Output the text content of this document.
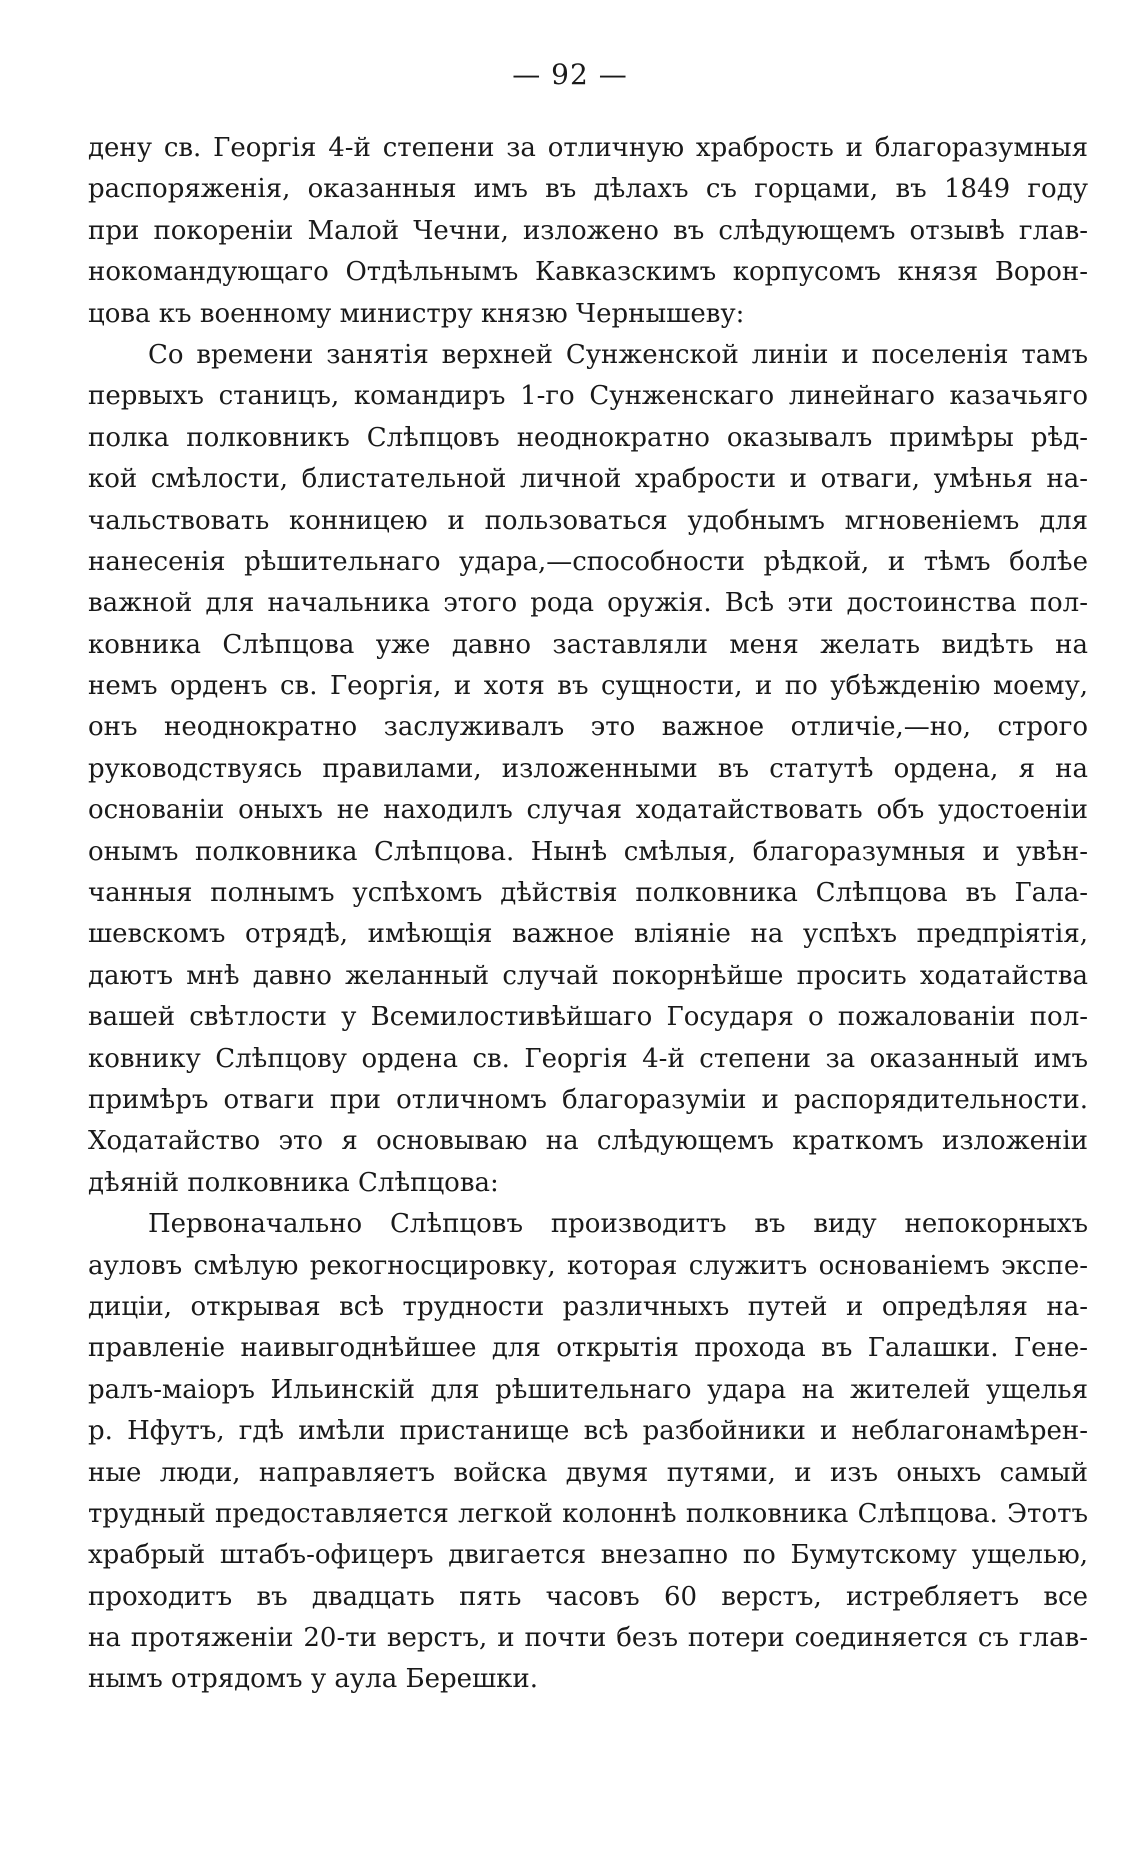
— 92 —
дену св. Георгія 4-й степени за отличную храбрость и благоразумныя
распоряженія, оказанныя имъ въ дѣлахъ съ горцами, въ 1849 году
при покореніи Малой Чечни, изложено въ слѣдующемъ отзывѣ глав-
нокомандующаго Отдѣльнымъ Кавказскимъ корпусомъ князя Ворон-
цова къ военному министру князю Чернышеву:
Со времени занятія верхней Сунженской линіи и поселенія тамъ
первыхъ станицъ, командиръ 1-го Сунженскаго линейнаго казачьяго
полка полковникъ Слѣпцовъ неоднократно оказывалъ примѣры рѣд-
кой смѣлости, блистательной личной храбрости и отваги, умѣнья на-
чальствовать конницею и пользоваться удобнымъ мгновеніемъ для
нанесенія рѣшительнаго удара,—способности рѣдкой, и тѣмъ болѣе
важной для начальника этого рода оружія. Всѣ эти достоинства пол-
ковника Слѣпцова уже давно заставляли меня желать видѣть на
немъ орденъ св. Георгія, и хотя въ сущности, и по убѣжденію моему,
онъ неоднократно заслуживалъ это важное отличіе,—но, строго
руководствуясь правилами, изложенными въ статутѣ ордена, я на
основаніи оныхъ не находилъ случая ходатайствовать объ удостоеніи
онымъ полковника Слѣпцова. Нынѣ смѣлыя, благоразумныя и увѣн-
чанныя полнымъ успѣхомъ дѣйствія полковника Слѣпцова въ Гала-
шевскомъ отрядѣ, имѣющія важное вліяніе на успѣхъ предпріятія,
даютъ мнѣ давно желанный случай покорнѣйше просить ходатайства
вашей свѣтлости у Всемилостивѣйшаго Государя о пожалованіи пол-
ковнику Слѣпцову ордена св. Георгія 4-й степени за оказанный имъ
примѣръ отваги при отличномъ благоразуміи и распорядительности.
Ходатайство это я основываю на слѣдующемъ краткомъ изложеніи
дѣяній полковника Слѣпцова:
Первоначально Слѣпцовъ производитъ въ виду непокорныхъ
ауловъ смѣлую рекогносцировку, которая служитъ основаніемъ экспе-
диціи, открывая всѣ трудности различныхъ путей и опредѣляя на-
правленіе наивыгоднѣйшее для открытія прохода въ Галашки. Гене-
ралъ-маіоръ Ильинскій для рѣшительнаго удара на жителей ущелья
р. Нфутъ, гдѣ имѣли пристанище всѣ разбойники и неблагонамѣрен-
ные люди, направляетъ войска двумя путями, и изъ оныхъ самый
трудный предоставляется легкой колоннѣ полковника Слѣпцова. Этотъ
храбрый штабъ-офицеръ двигается внезапно по Бумутскому ущелью,
проходитъ въ двадцать пять часовъ 60 верстъ, истребляетъ все
на протяженіи 20-ти верстъ, и почти безъ потери соединяется съ глав-
нымъ отрядомъ у аула Берешки.
